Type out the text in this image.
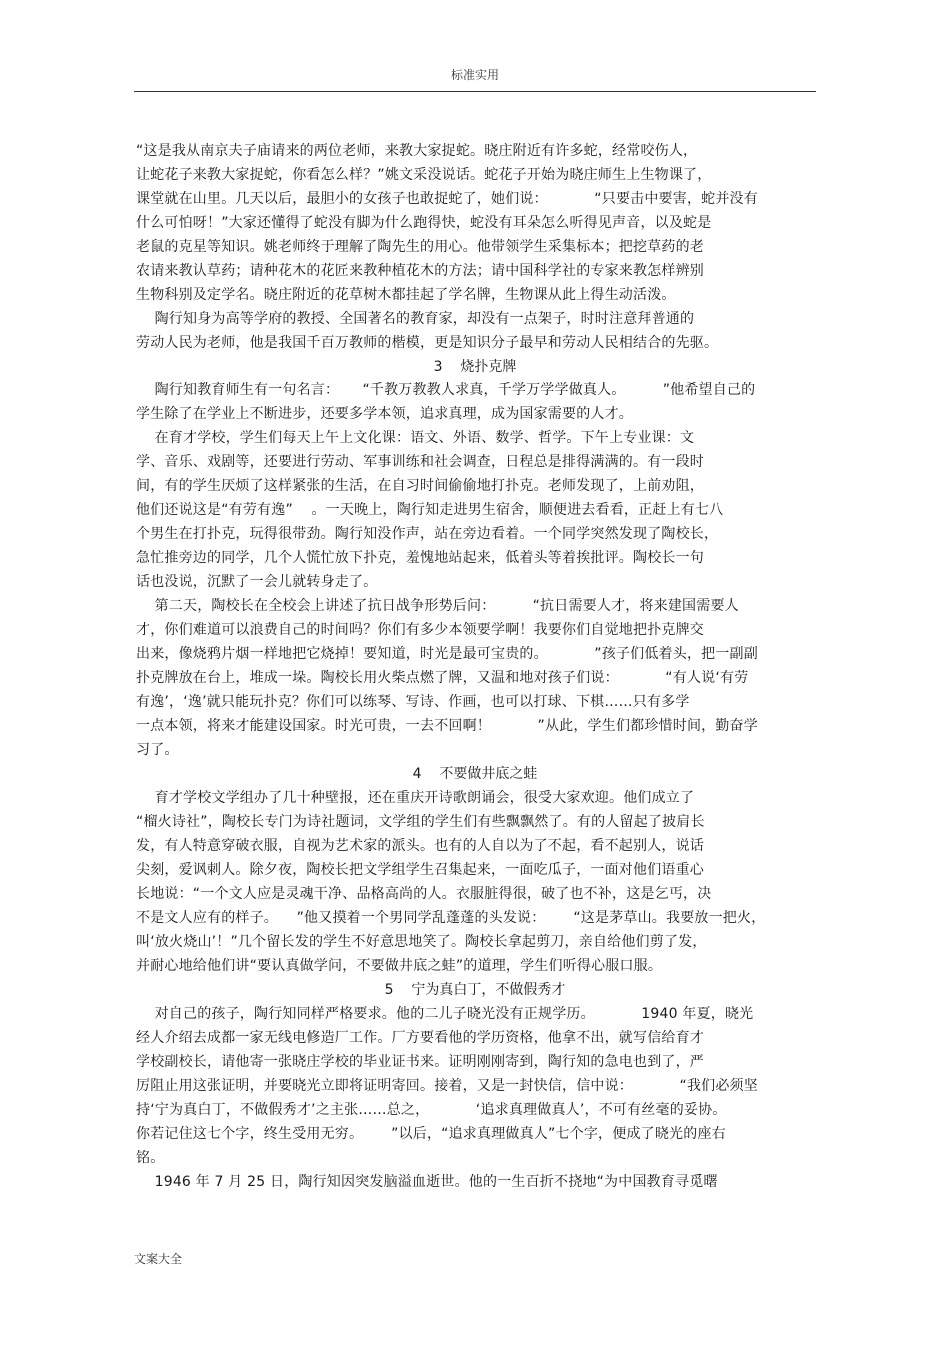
标准实用
“这是我从南京夫子庙请来的两位老师，来教大家捉蛇。晓庄附近有许多蛇，经常咬伤人，
让蛇花子来教大家捉蛇，你看怎么样？”姚文采没说话。蛇花子开始为晓庄师生上生物课了，
课堂就在山里。几天以后，最胆小的女孩子也敢捉蛇了，她们说：          “只要击中要害，蛇并没有
什么可怕呀！”大家还懂得了蛇没有脚为什么跑得快，蛇没有耳朵怎么听得见声音，以及蛇是
老鼠的克星等知识。姚老师终于理解了陶先生的用心。他带领学生采集标本；把挖草药的老
农请来教认草药；请种花木的花匠来教种植花木的方法；请中国科学社的专家来教怎样辨别
生物科别及定学名。晓庄附近的花草树木都挂起了学名牌，生物课从此上得生动活泼。
陶行知身为高等学府的教授、全国著名的教育家，却没有一点架子，时时注意拜普通的
劳动人民为老师，他是我国千百万教师的楷模，更是知识分子最早和劳动人民相结合的先驱。
3    烧扑克牌
陶行知教育师生有一句名言：     “千教万教教人求真，千学万学学做真人。        ”他希望自己的
学生除了在学业上不断进步，还要多学本领，追求真理，成为国家需要的人才。
在育才学校，学生们每天上午上文化课：语文、外语、数学、哲学。下午上专业课：文
学、音乐、戏剧等，还要进行劳动、军事训练和社会调查，日程总是排得满满的。有一段时
间，有的学生厌烦了这样紧张的生活，在自习时间偷偷地打扑克。老师发现了，上前劝阻，
他们还说这是“有劳有逸”    。一天晚上，陶行知走进男生宿舍，顺便进去看看，正赶上有七八
个男生在打扑克，玩得很带劲。陶行知没作声，站在旁边看着。一个同学突然发现了陶校长，
急忙推旁边的同学，几个人慌忙放下扑克，羞愧地站起来，低着头等着挨批评。陶校长一句
话也没说，沉默了一会儿就转身走了。
第二天，陶校长在全校会上讲述了抗日战争形势后问：        “抗日需要人才，将来建国需要人
才，你们难道可以浪费自己的时间吗？你们有多少本领要学啊！我要你们自觉地把扑克牌交
出来，像烧鸦片烟一样地把它烧掉！要知道，时光是最可宝贵的。          ”孩子们低着头，把一副副
扑克牌放在台上，堆成一垛。陶校长用火柴点燃了牌，又温和地对孩子们说：          “有人说‘有劳
有逸’，‘逸’就只能玩扑克？你们可以练琴、写诗、作画，也可以打球、下棋……只有多学
一点本领，将来才能建设国家。时光可贵，一去不回啊！          ”从此，学生们都珍惜时间，勤奋学
习了。
4    不要做井底之蛙
育才学校文学组办了几十种壁报，还在重庆开诗歌朗诵会，很受大家欢迎。他们成立了
“榴火诗社”，陶校长专门为诗社题词，文学组的学生们有些飘飘然了。有的人留起了披肩长
发，有人特意穿破衣服，自视为艺术家的派头。也有的人自以为了不起，看不起别人，说话
尖刻，爱讽刺人。除夕夜，陶校长把文学组学生召集起来，一面吃瓜子，一面对他们语重心
长地说：“一个文人应是灵魂干净、品格高尚的人。衣服脏得很，破了也不补，这是乞丐，决
不是文人应有的样子。    ”他又摸着一个男同学乱蓬蓬的头发说：      “这是茅草山。我要放一把火，
叫‘放火烧山’！”几个留长发的学生不好意思地笑了。陶校长拿起剪刀，亲自给他们剪了发，
并耐心地给他们讲“要认真做学问，不要做井底之蛙”的道理，学生们听得心服口服。
5    宁为真白丁，不做假秀才
对自己的孩子，陶行知同样严格要求。他的二儿子晓光没有正规学历。          1940 年夏，晓光
经人介绍去成都一家无线电修造厂工作。厂方要看他的学历资格，他拿不出，就写信给育才
学校副校长，请他寄一张晓庄学校的毕业证书来。证明刚刚寄到，陶行知的急电也到了，严
厉阻止用这张证明，并要晓光立即将证明寄回。接着，又是一封快信，信中说：          “我们必须坚
持‘宁为真白丁，不做假秀才’之主张……总之，          ‘追求真理做真人’，不可有丝毫的妥协。
你若记住这七个字，终生受用无穷。      ”以后，“追求真理做真人”七个字，便成了晓光的座右
铭。
1946 年 7 月 25 日，陶行知因突发脑溢血逝世。他的一生百折不挠地“为中国教育寻觅曙
文案大全
